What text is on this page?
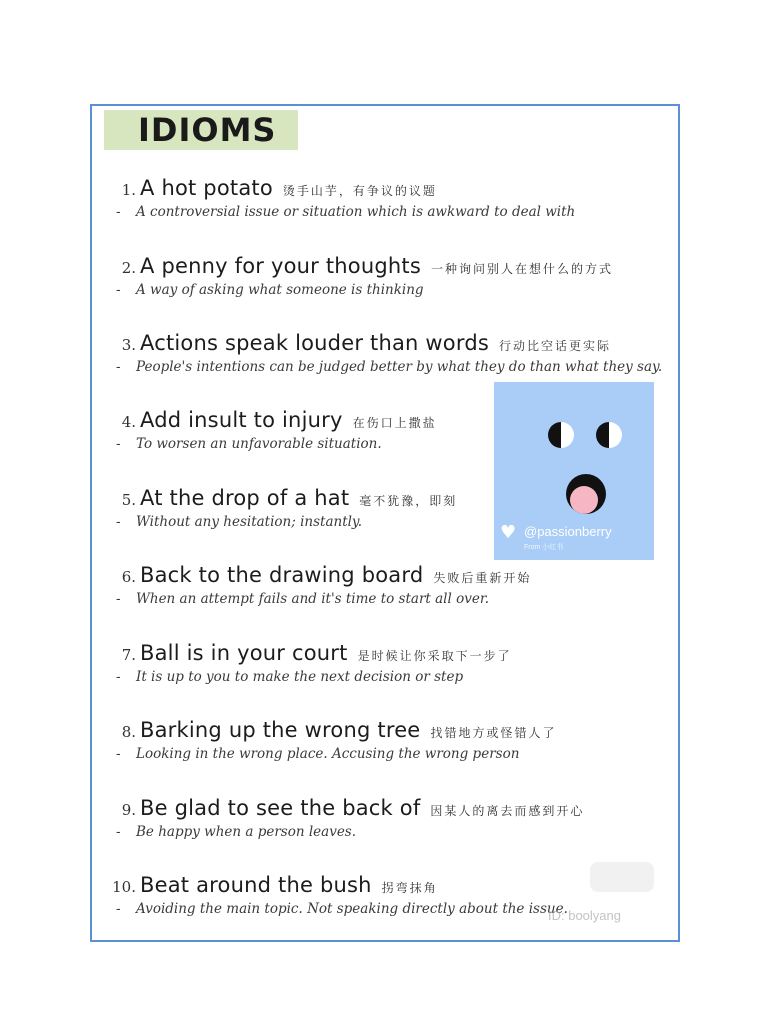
IDIOMS
1. A hot potato 烫手山芋，有争议的议题
- A controversial issue or situation which is awkward to deal with
2. A penny for your thoughts 一种询问别人在想什么的方式
- A way of asking what someone is thinking
3. Actions speak louder than words 行动比空话更实际
- People's intentions can be judged better by what they do than what they say.
4. Add insult to injury 在伤口上撒盐
- To worsen an unfavorable situation.
5. At the drop of a hat 毫不犹豫，即刻
- Without any hesitation; instantly.
6. Back to the drawing board 失败后重新开始
- When an attempt fails and it's time to start all over.
7. Ball is in your court 是时候让你采取下一步了
- It is up to you to make the next decision or step
8. Barking up the wrong tree 找错地方或怪错人了
- Looking in the wrong place. Accusing the wrong person
9. Be glad to see the back of 因某人的离去而感到开心
- Be happy when a person leaves.
10. Beat around the bush 拐弯抹角
- Avoiding the main topic. Not speaking directly about the issue.
♥ @passionberry
From 小红书
ID: boolyang
